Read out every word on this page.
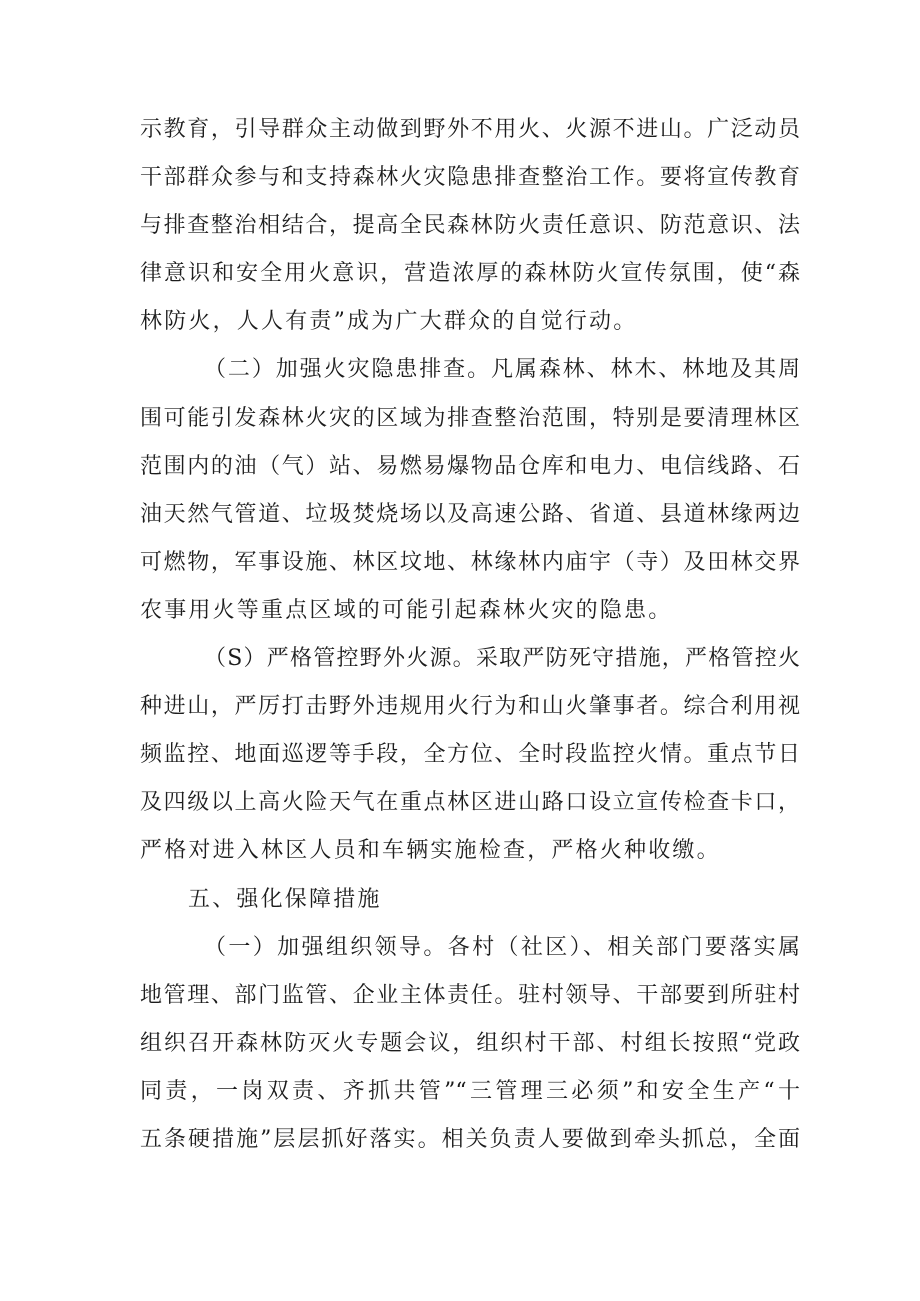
示教育，引导群众主动做到野外不用火、火源不进山。广泛动员
干部群众参与和支持森林火灾隐患排查整治工作。要将宣传教育
与排查整治相结合，提高全民森林防火责任意识、防范意识、法
律意识和安全用火意识，营造浓厚的森林防火宣传氛围，使“森
林防火，人人有责”成为广大群众的自觉行动。
（二）加强火灾隐患排查。凡属森林、林木、林地及其周
围可能引发森林火灾的区域为排查整治范围，特别是要清理林区
范围内的油（气）站、易燃易爆物品仓库和电力、电信线路、石
油天然气管道、垃圾焚烧场以及高速公路、省道、县道林缘两边
可燃物，军事设施、林区坟地、林缘林内庙宇（寺）及田林交界
农事用火等重点区域的可能引起森林火灾的隐患。
（S）严格管控野外火源。采取严防死守措施，严格管控火
种进山，严厉打击野外违规用火行为和山火肇事者。综合利用视
频监控、地面巡逻等手段，全方位、全时段监控火情。重点节日
及四级以上高火险天气在重点林区进山路口设立宣传检查卡口，
严格对进入林区人员和车辆实施检查，严格火种收缴。
五、强化保障措施
（一）加强组织领导。各村（社区）、相关部门要落实属
地管理、部门监管、企业主体责任。驻村领导、干部要到所驻村
组织召开森林防灭火专题会议，组织村干部、村组长按照“党政
同责，一岗双责、齐抓共管”“三管理三必须”和安全生产“十
五条硬措施”层层抓好落实。相关负责人要做到牵头抓总，全面
